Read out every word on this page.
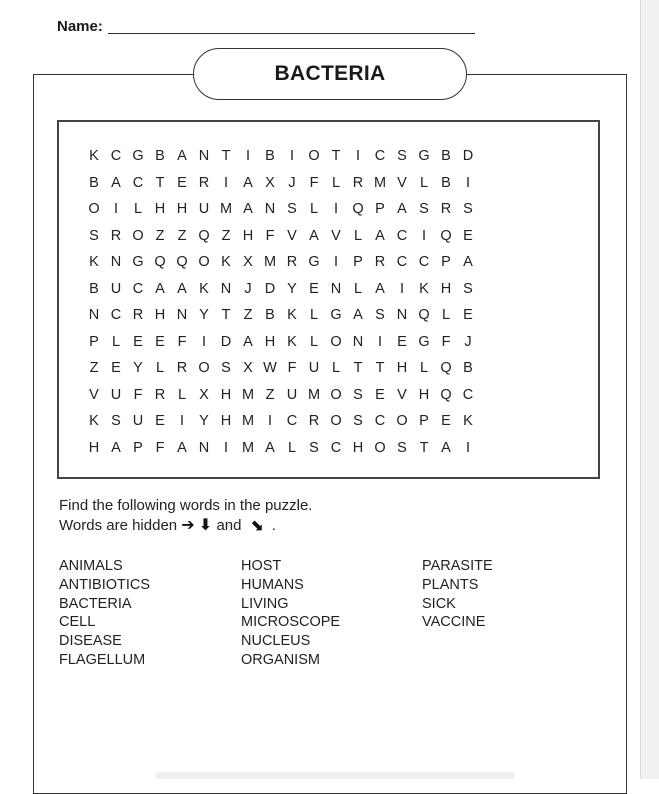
Name:
BACTERIA
K C G B A N T	I	B	I O T	I	C S G B D
B A C T E R	I	A X J F L R M V L B	I
O I	L H H U M A N S L	I Q P A S R S
S R O Z Z Q Z H F V A V L A C	I Q E
K N G Q Q O K X M R G I	P R C C P A
B U C A A K N J D Y E N L A	I	K H S
N C R H N Y T Z B K L G A S N Q L E
P L E E F	I	D A H K L O N	I	E G F J
Z E Y L R O S X W F U L T T H L Q B
V U F R L X H M Z U M O S E V H Q C
K S U E	I	Y H M I	C R O S C O P E K
H A P F A N	I M A L S C H O S T A	I
Find the following words in the puzzle.
Words are hidden ➔ ⬇ and ⬊ .
ANIMALS
ANTIBIOTICS
BACTERIA
CELL
DISEASE
FLAGELLUM
HOST
HUMANS
LIVING
MICROSCOPE
NUCLEUS
ORGANISM
PARASITE
PLANTS
SICK
VACCINE
